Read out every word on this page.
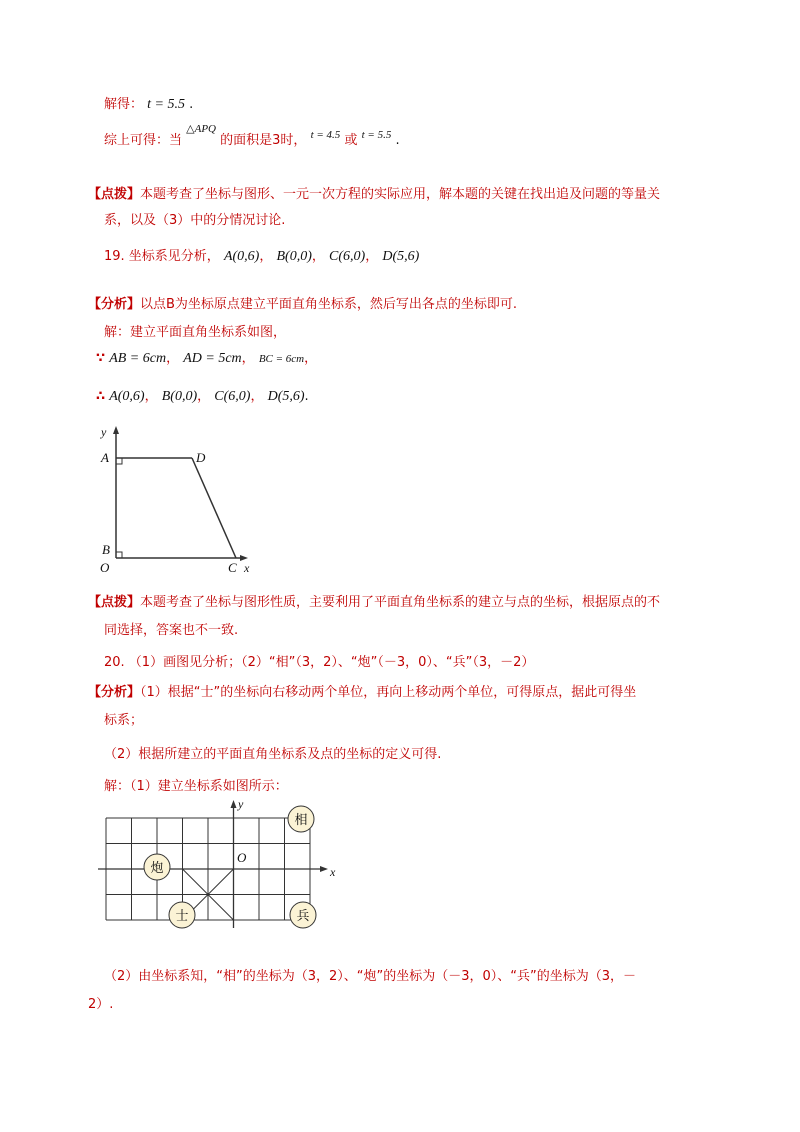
解得： t = 5.5 .
综上可得：当 $^{\triangle APQ}$ 的面积是3时， $^{t = 4.5}$ 或 $^{t = 5.5}$ .
【点拨】本题考查了坐标与图形、一元一次方程的实际应用，解本题的关键在找出追及问题的等量关
系，以及（3）中的分情况讨论.
19. 坐标系见分析， A(0,6)， B(0,0)， C(6,0)， D(5,6)
【分析】以点B为坐标原点建立平面直角坐标系，然后写出各点的坐标即可.
解：建立平面直角坐标系如图，
∵ AB = 6cm， AD = 5cm， BC = 6cm，
∴ A(0,6)， B(0,0)， C(6,0)， D(5,6).
y
x
A	D
B
O	C
【点拨】本题考查了坐标与图形性质，主要利用了平面直角坐标系的建立与点的坐标，根据原点的不
同选择，答案也不一致.
20. （1）画图见分析；（2）“相”（3，2）、“炮”（－3，0）、“兵”（3，－2）
【分析】（1）根据“士”的坐标向右移动两个单位，再向上移动两个单位，可得原点，据此可得坐
标系；
（2）根据所建立的平面直角坐标系及点的坐标的定义可得.
解：（1）建立坐标系如图所示：
y
x
O
相
炮
士	兵
（2）由坐标系知，“相”的坐标为（3，2）、“炮”的坐标为（－3，0）、“兵”的坐标为（3，－
2）.
